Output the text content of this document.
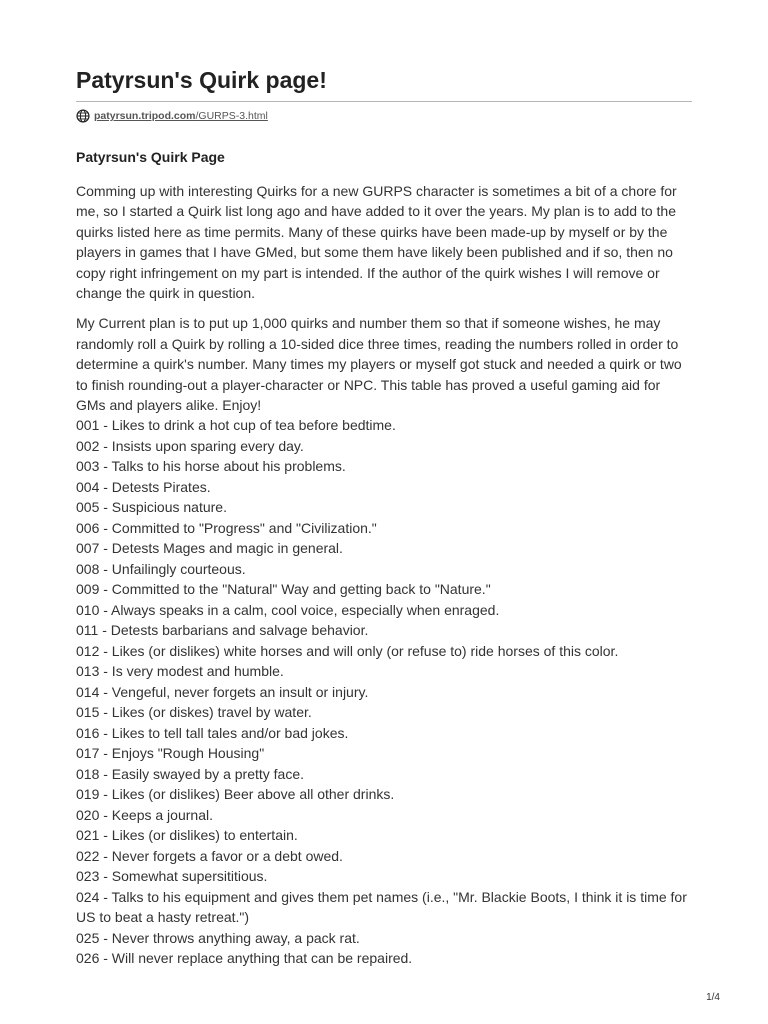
Patyrsun's Quirk page!
patyrsun.tripod.com/GURPS-3.html
Patyrsun's Quirk Page

Comming up with interesting Quirks for a new GURPS character is sometimes a bit of a chore for me, so I started a Quirk list long ago and have added to it over the years. My plan is to add to the quirks listed here as time permits. Many of these quirks have been made-up by myself or by the players in games that I have GMed, but some them have likely been published and if so, then no copy right infringement on my part is intended. If the author of the quirk wishes I will remove or change the quirk in question.

My Current plan is to put up 1,000 quirks and number them so that if someone wishes, he may randomly roll a Quirk by rolling a 10-sided dice three times, reading the numbers rolled in order to determine a quirk's number. Many times my players or myself got stuck and needed a quirk or two to finish rounding-out a player-character or NPC. This table has proved a useful gaming aid for GMs and players alike. Enjoy!

001 - Likes to drink a hot cup of tea before bedtime.
002 - Insists upon sparing every day.
003 - Talks to his horse about his problems.
004 - Detests Pirates.
005 - Suspicious nature.
006 - Committed to "Progress" and "Civilization."
007 - Detests Mages and magic in general.
008 - Unfailingly courteous.
009 - Committed to the "Natural" Way and getting back to "Nature."
010 - Always speaks in a calm, cool voice, especially when enraged.
011 - Detests barbarians and salvage behavior.
012 - Likes (or dislikes) white horses and will only (or refuse to) ride horses of this color.
013 - Is very modest and humble.
014 - Vengeful, never forgets an insult or injury.
015 - Likes (or diskes) travel by water.
016 - Likes to tell tall tales and/or bad jokes.
017 - Enjoys "Rough Housing"
018 - Easily swayed by a pretty face.
019 - Likes (or dislikes) Beer above all other drinks.
020 - Keeps a journal.
021 - Likes (or dislikes) to entertain.
022 - Never forgets a favor or a debt owed.
023 - Somewhat supersititious.
024 - Talks to his equipment and gives them pet names (i.e., "Mr. Blackie Boots, I think it is time for US to beat a hasty retreat.")
025 - Never throws anything away, a pack rat.
026 - Will never replace anything that can be repaired.
1/4
